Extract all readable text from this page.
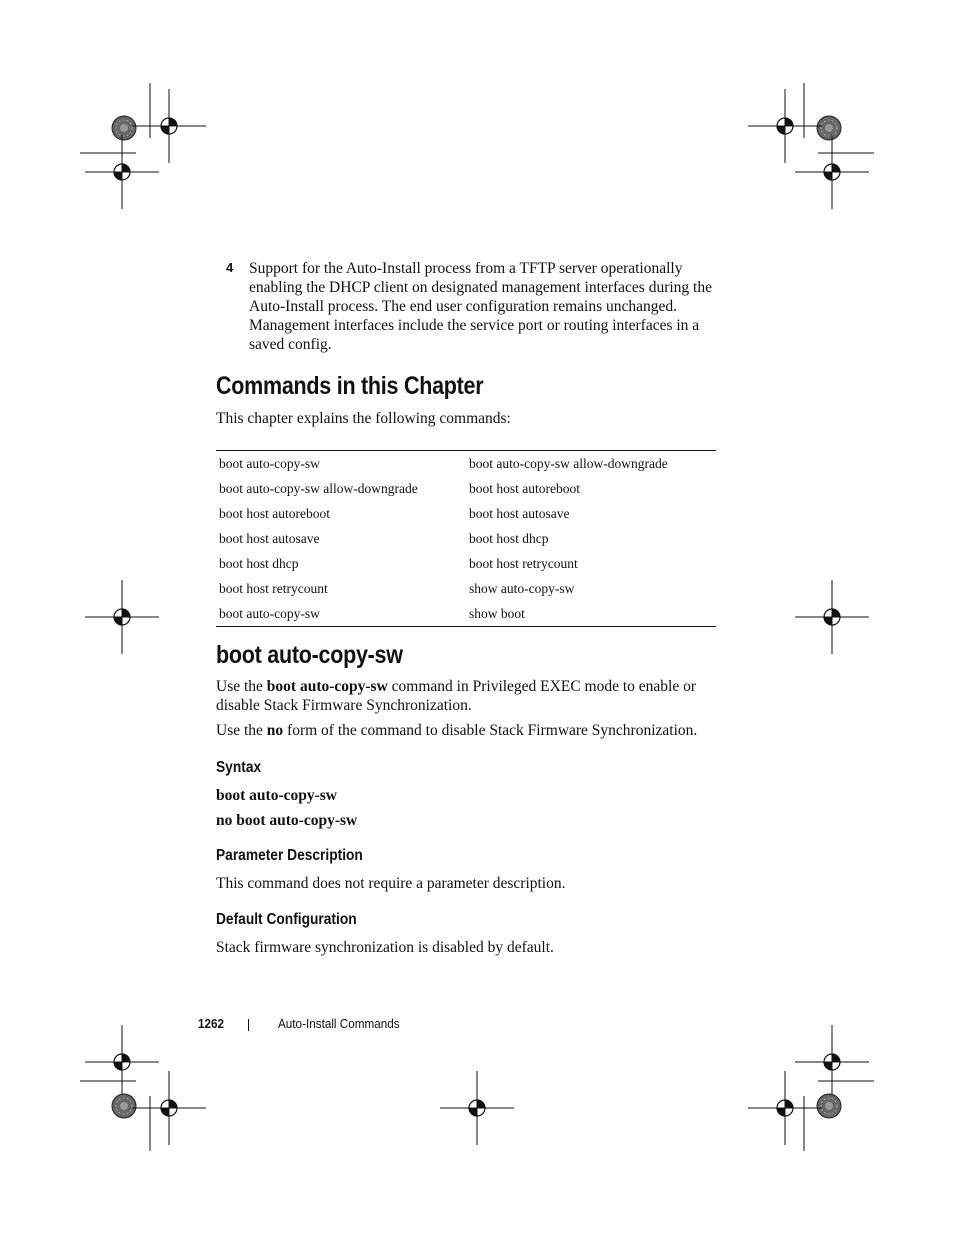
4 Support for the Auto-Install process from a TFTP server operationally enabling the DHCP client on designated management interfaces during the Auto-Install process. The end user configuration remains unchanged. Management interfaces include the service port or routing interfaces in a saved config.
Commands in this Chapter
This chapter explains the following commands:
boot auto-copy-sw	boot auto-copy-sw allow-downgrade
boot auto-copy-sw allow-downgrade	boot host autoreboot
boot host autoreboot	boot host autosave
boot host autosave	boot host dhcp
boot host dhcp	boot host retrycount
boot host retrycount	show auto-copy-sw
boot auto-copy-sw	show boot
boot auto-copy-sw
Use the boot auto-copy-sw command in Privileged EXEC mode to enable or disable Stack Firmware Synchronization.
Use the no form of the command to disable Stack Firmware Synchronization.
Syntax
boot auto-copy-sw
no boot auto-copy-sw
Parameter Description
This command does not require a parameter description.
Default Configuration
Stack firmware synchronization is disabled by default.
1262	Auto-Install Commands
